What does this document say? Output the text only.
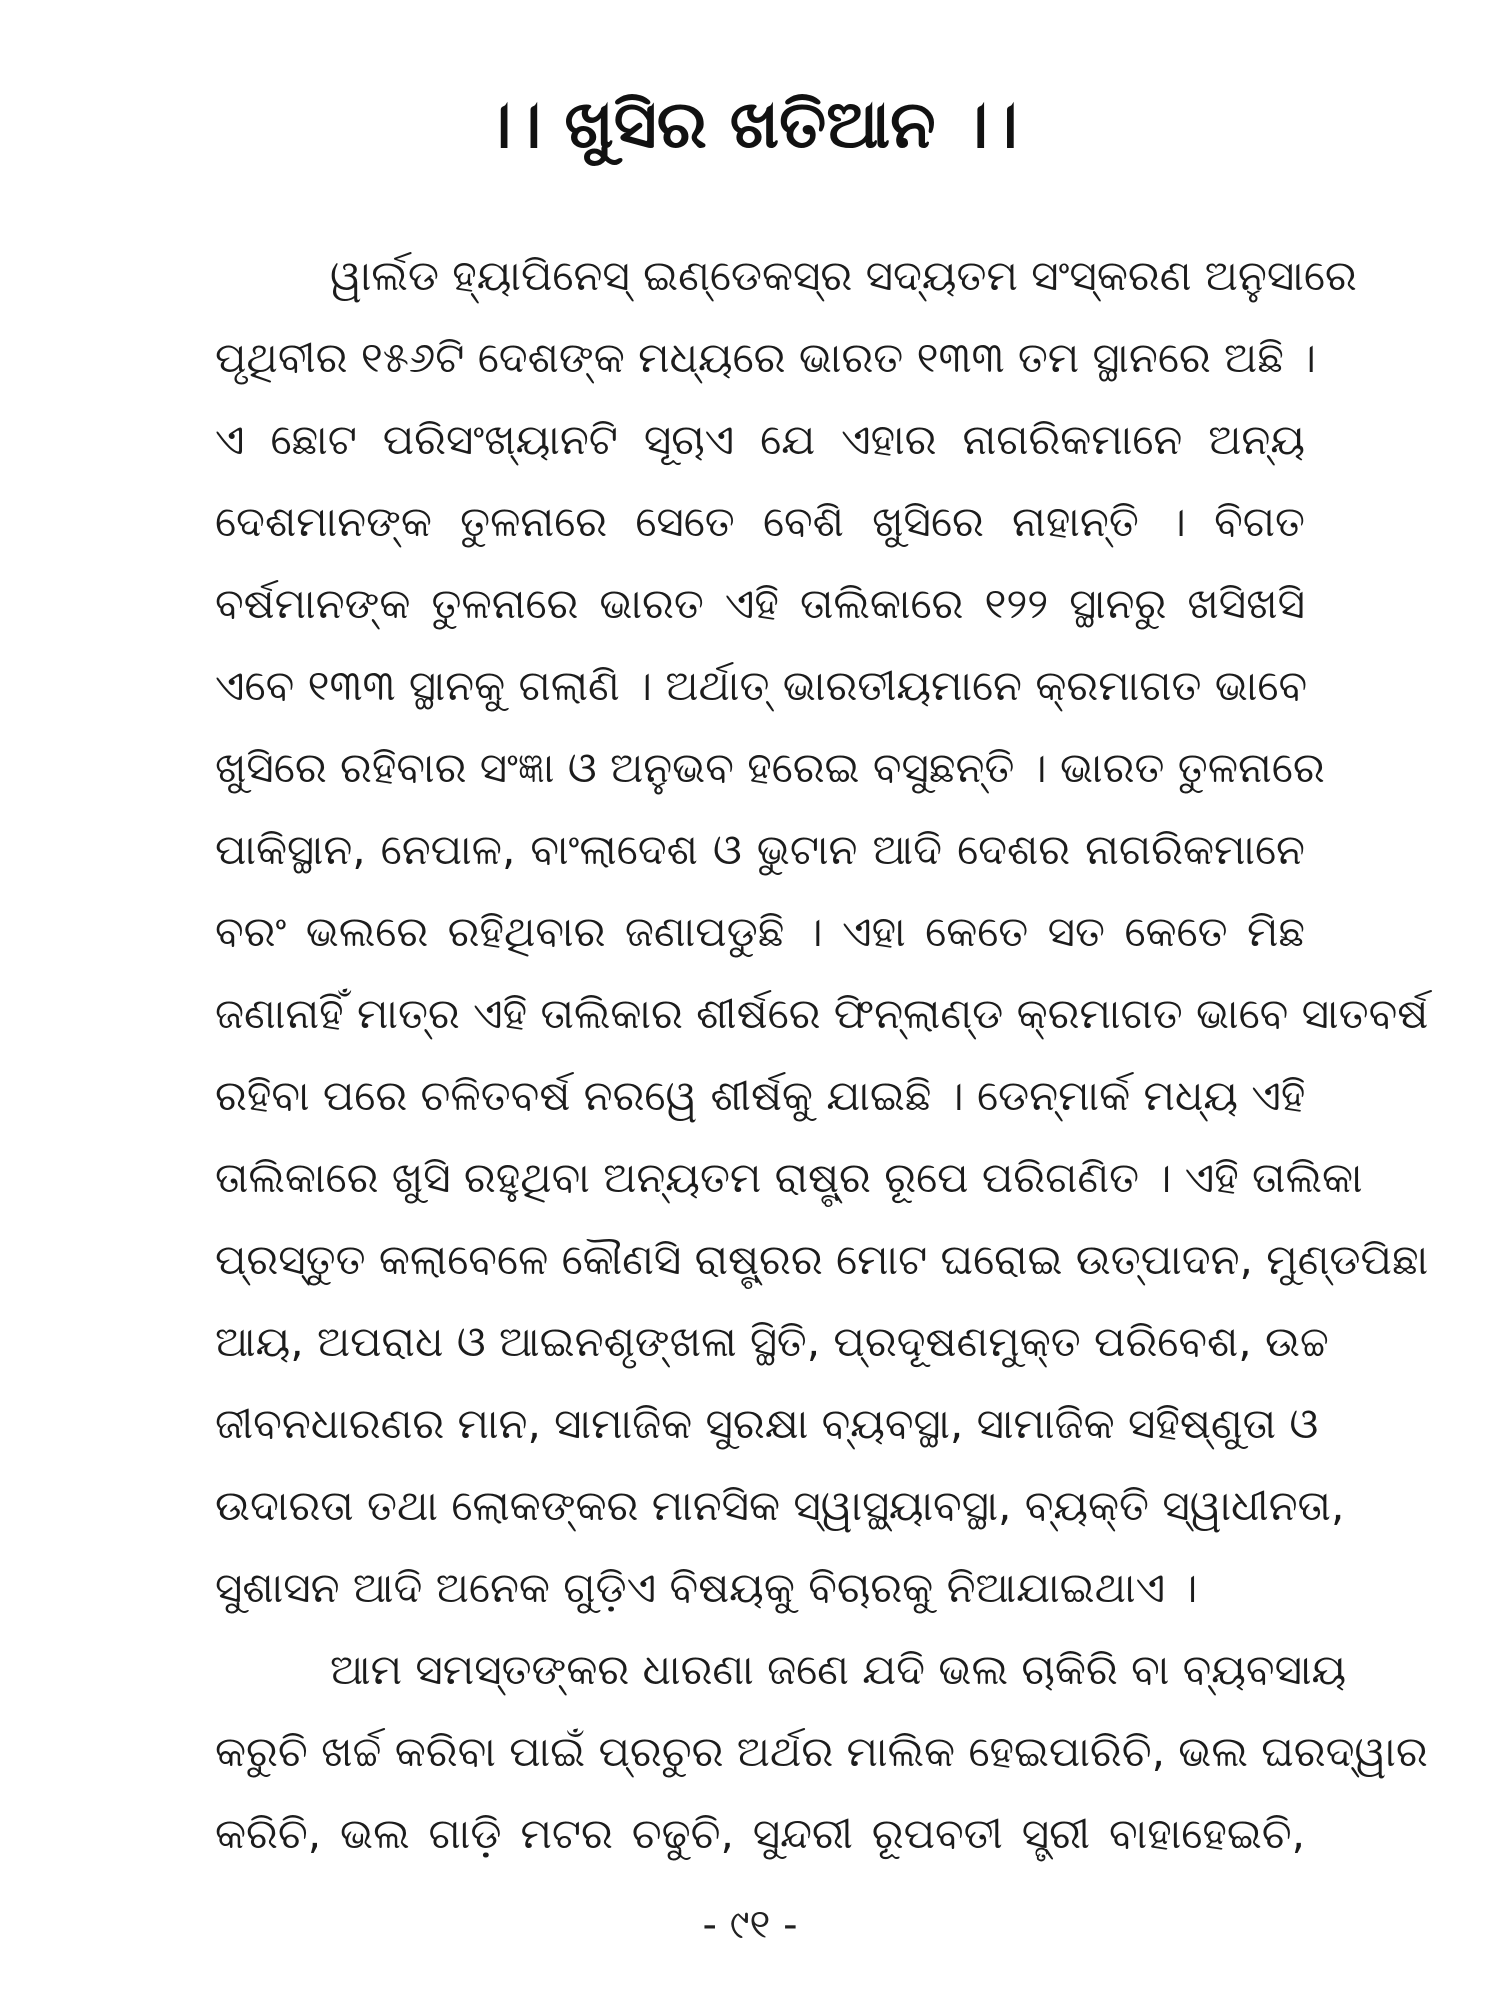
।। ଖୁସିର ଖତିଆନ ।।
ୱାର୍ଲଡ ହ୍ୟାପିନେସ୍ ଇଣ୍ଡେକସ୍‌ର ସଦ୍ୟତମ ସଂସ୍କରଣ ଅନୁସାରେ
ପୃଥିବୀର ୧୫୬ଟି ଦେଶଙ୍କ ମଧ୍ୟରେ ଭାରତ ୧୩୩ ତମ ସ୍ଥାନରେ ଅଛି ।
ଏ ଛୋଟ ପରିସଂଖ୍ୟାନଟି ସୂଚାଏ ଯେ ଏହାର ନାଗରିକମାନେ ଅନ୍ୟ
ଦେଶମାନଙ୍କ ତୁଳନାରେ ସେତେ ବେଶି ଖୁସିରେ ନାହାନ୍ତି । ବିଗତ
ବର୍ଷମାନଙ୍କ ତୁଳନାରେ ଭାରତ ଏହି ତାଲିକାରେ ୧୨୨ ସ୍ଥାନରୁ ଖସିଖସି
ଏବେ ୧୩୩ ସ୍ଥାନକୁ ଗଲାଣି । ଅର୍ଥାତ୍ ଭାରତୀୟମାନେ କ୍ରମାଗତ ଭାବେ
ଖୁସିରେ ରହିବାର ସଂଜ୍ଞା ଓ ଅନୁଭବ ହରେଇ ବସୁଛନ୍ତି । ଭାରତ ତୁଳନାରେ
ପାକିସ୍ଥାନ, ନେପାଳ, ବାଂଲାଦେଶ ଓ ଭୁଟାନ ଆଦି ଦେଶର ନାଗରିକମାନେ
ବରଂ ଭଲରେ ରହିଥିବାର ଜଣାପଡୁଛି । ଏହା କେତେ ସତ କେତେ ମିଛ
ଜଣାନାହିଁ ମାତ୍ର ଏହି ତାଲିକାର ଶୀର୍ଷରେ ଫିନ୍‌ଲାଣ୍ଡ କ୍ରମାଗତ ଭାବେ ସାତବର୍ଷ
ରହିବା ପରେ ଚଳିତବର୍ଷ ନରୱେ ଶୀର୍ଷକୁ ଯାଇଛି । ଡେନ୍‌ମାର୍କ ମଧ୍ୟ ଏହି
ତାଲିକାରେ ଖୁସି ରହୁଥିବା ଅନ୍ୟତମ ରାଷ୍ଟ୍ର ରୂପେ ପରିଗଣିତ । ଏହି ତାଲିକା
ପ୍ରସ୍ତୁତ କଲାବେଳେ କୌଣସି ରାଷ୍ଟ୍ରର ମୋଟ ଘରୋଇ ଉତ୍ପାଦନ, ମୁଣ୍ଡପିଛା
ଆୟ, ଅପରାଧ ଓ ଆଇନଶୃଙ୍ଖଳା ସ୍ଥିତି, ପ୍ରଦୂଷଣମୁକ୍ତ ପରିବେଶ, ଉଚ୍ଚ
ଜୀବନଧାରଣର ମାନ, ସାମାଜିକ ସୁରକ୍ଷା ବ୍ୟବସ୍ଥା, ସାମାଜିକ ସହିଷ୍ଣୁତା ଓ
ଉଦାରତା ତଥା ଲୋକଙ୍କର ମାନସିକ ସ୍ୱାସ୍ଥ୍ୟାବସ୍ଥା, ବ୍ୟକ୍ତି ସ୍ୱାଧୀନତା,
ସୁଶାସନ ଆଦି ଅନେକ ଗୁଡ଼ିଏ ବିଷୟକୁ ବିଚାରକୁ ନିଆଯାଇଥାଏ ।
ଆମ ସମସ୍ତଙ୍କର ଧାରଣା ଜଣେ ଯଦି ଭଲ ଚାକିରି ବା ବ୍ୟବସାୟ
କରୁଚି ଖର୍ଚ୍ଚ କରିବା ପାଇଁ ପ୍ରଚୁର ଅର୍ଥର ମାଲିକ ହେଇପାରିଚି, ଭଲ ଘରଦ୍ୱାର
କରିଚି, ଭଲ ଗାଡ଼ି ମଟର ଚଢୁଚି, ସୁନ୍ଦରୀ ରୂପବତୀ ସ୍ତ୍ରୀ ବାହାହେଇଚି,
- ୯୧ -
